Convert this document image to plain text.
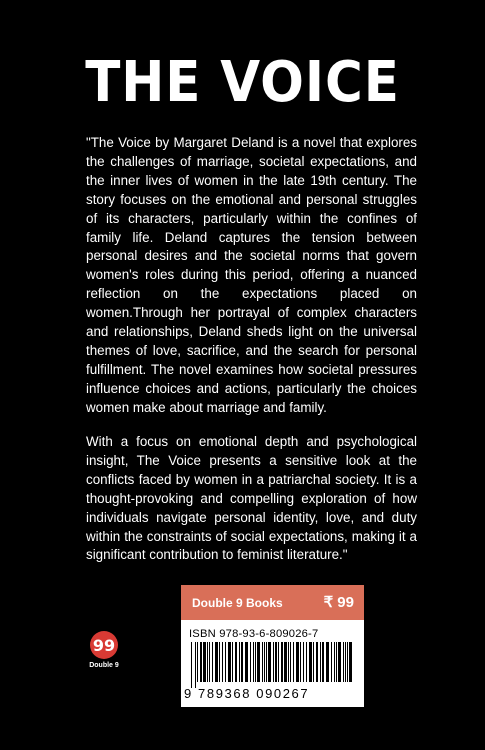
THE VOICE

"The Voice by Margaret Deland is a novel that explores the challenges of marriage, societal expectations, and the inner lives of women in the late 19th century. The story focuses on the emotional and personal struggles of its characters, particularly within the confines of family life. Deland captures the tension between personal desires and the societal norms that govern women's roles during this period, offering a nuanced reflection on the expectations placed on women.Through her portrayal of complex characters and relationships, Deland sheds light on the universal themes of love, sacrifice, and the search for personal fulfillment. The novel examines how societal pressures influence choices and actions, particularly the choices women make about marriage and family.

With a focus on emotional depth and psychological insight, The Voice presents a sensitive look at the conflicts faced by women in a patriarchal society. It is a thought-provoking and compelling exploration of how individuals navigate personal identity, love, and duty within the constraints of social expectations, making it a significant contribution to feminist literature."

99
Double 9
Double 9 Books	₹ 99
ISBN 978-93-6-809026-7
9 789368 090267
